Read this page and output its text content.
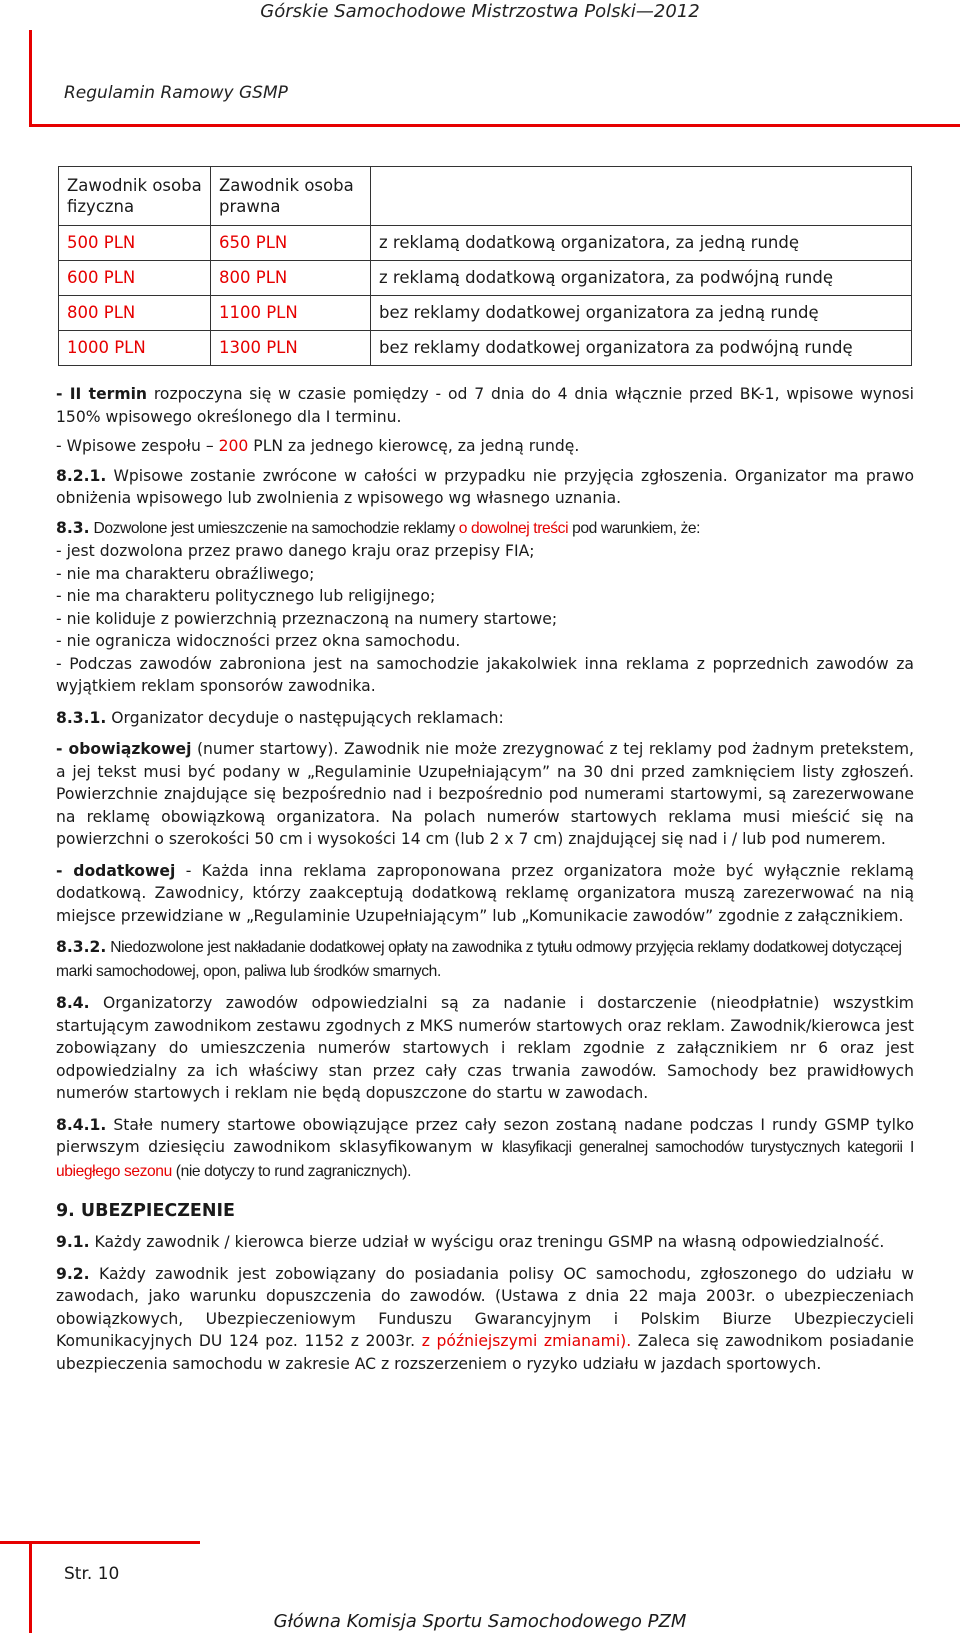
Górskie Samochodowe Mistrzostwa Polski—2012
Regulamin Ramowy GSMP
Zawodnik osoba fizyczna	Zawodnik osoba prawna	
500 PLN	650 PLN	z reklamą dodatkową organizatora, za jedną rundę
600 PLN	800 PLN	z reklamą dodatkową organizatora, za podwójną rundę
800 PLN	1100 PLN	bez reklamy dodatkowej organizatora za jedną rundę
1000 PLN	1300 PLN	bez reklamy dodatkowej organizatora za podwójną rundę

- II termin rozpoczyna się w czasie pomiędzy - od 7 dnia do 4 dnia włącznie przed BK-1, wpisowe wynosi 150% wpisowego określonego dla I terminu.

- Wpisowe zespołu – 200 PLN za jednego kierowcę, za jedną rundę.

8.2.1. Wpisowe zostanie zwrócone w całości w przypadku nie przyjęcia zgłoszenia. Organizator ma prawo obniżenia wpisowego lub zwolnienia z wpisowego wg własnego uznania.

8.3. Dozwolone jest umieszczenie na samochodzie reklamy o dowolnej treści pod warunkiem, że:

- jest dozwolona przez prawo danego kraju oraz przepisy FIA;

- nie ma charakteru obraźliwego;

- nie ma charakteru politycznego lub religijnego;

- nie koliduje z powierzchnią przeznaczoną na numery startowe;

- nie ogranicza widoczności przez okna samochodu.

- Podczas zawodów zabroniona jest na samochodzie jakakolwiek inna reklama z poprzednich zawodów za wyjątkiem reklam sponsorów zawodnika.

8.3.1. Organizator decyduje o następujących reklamach:

- obowiązkowej (numer startowy). Zawodnik nie może zrezygnować z tej reklamy pod żadnym pretekstem, a jej tekst musi być podany w „Regulaminie Uzupełniającym” na 30 dni przed zamknięciem listy zgłoszeń. Powierzchnie znajdujące się bezpośrednio nad i bezpośrednio pod numerami startowymi, są zarezerwowane na reklamę obowiązkową organizatora. Na polach numerów startowych reklama musi mieścić się na powierzchni o szerokości 50 cm i wysokości 14 cm (lub 2 x 7 cm) znajdującej się nad i / lub pod numerem.

- dodatkowej - Każda inna reklama zaproponowana przez organizatora może być wyłącznie reklamą dodatkową. Zawodnicy, którzy zaakceptują dodatkową reklamę organizatora muszą zarezerwować na nią miejsce przewidziane w „Regulaminie Uzupełniającym” lub „Komunikacie zawodów” zgodnie z załącznikiem.

8.3.2. Niedozwolone jest nakładanie dodatkowej opłaty na zawodnika z tytułu odmowy przyjęcia reklamy dodatkowej dotyczącej marki samochodowej, opon, paliwa lub środków smarnych.

8.4. Organizatorzy zawodów odpowiedzialni są za nadanie i dostarczenie (nieodpłatnie) wszystkim startującym zawodnikom zestawu zgodnych z MKS numerów startowych oraz reklam. Zawodnik/kierowca jest zobowiązany do umieszczenia numerów startowych i reklam zgodnie z załącznikiem nr 6 oraz jest odpowiedzialny za ich właściwy stan przez cały czas trwania zawodów. Samochody bez prawidłowych numerów startowych i reklam nie będą dopuszczone do startu w zawodach.

8.4.1. Stałe numery startowe obowiązujące przez cały sezon zostaną nadane podczas I rundy GSMP tylko pierwszym dziesięciu zawodnikom sklasyfikowanym w klasyfikacji generalnej samochodów turystycznych kategorii I ubiegłego sezonu (nie dotyczy to rund zagranicznych).

9. UBEZPIECZENIE

9.1. Każdy zawodnik / kierowca bierze udział w wyścigu oraz treningu GSMP na własną odpowiedzialność.

9.2. Każdy zawodnik jest zobowiązany do posiadania polisy OC samochodu, zgłoszonego do udziału w zawodach, jako warunku dopuszczenia do zawodów. (Ustawa z dnia 22 maja 2003r. o ubezpieczeniach obowiązkowych, Ubezpieczeniowym Funduszu Gwarancyjnym i Polskim Biurze Ubezpieczycieli Komunikacyjnych DU 124 poz. 1152 z 2003r. z późniejszymi zmianami). Zaleca się zawodnikom posiadanie ubezpieczenia samochodu w zakresie AC z rozszerzeniem o ryzyko udziału w jazdach sportowych.

Str. 10
Główna Komisja Sportu Samochodowego PZM
